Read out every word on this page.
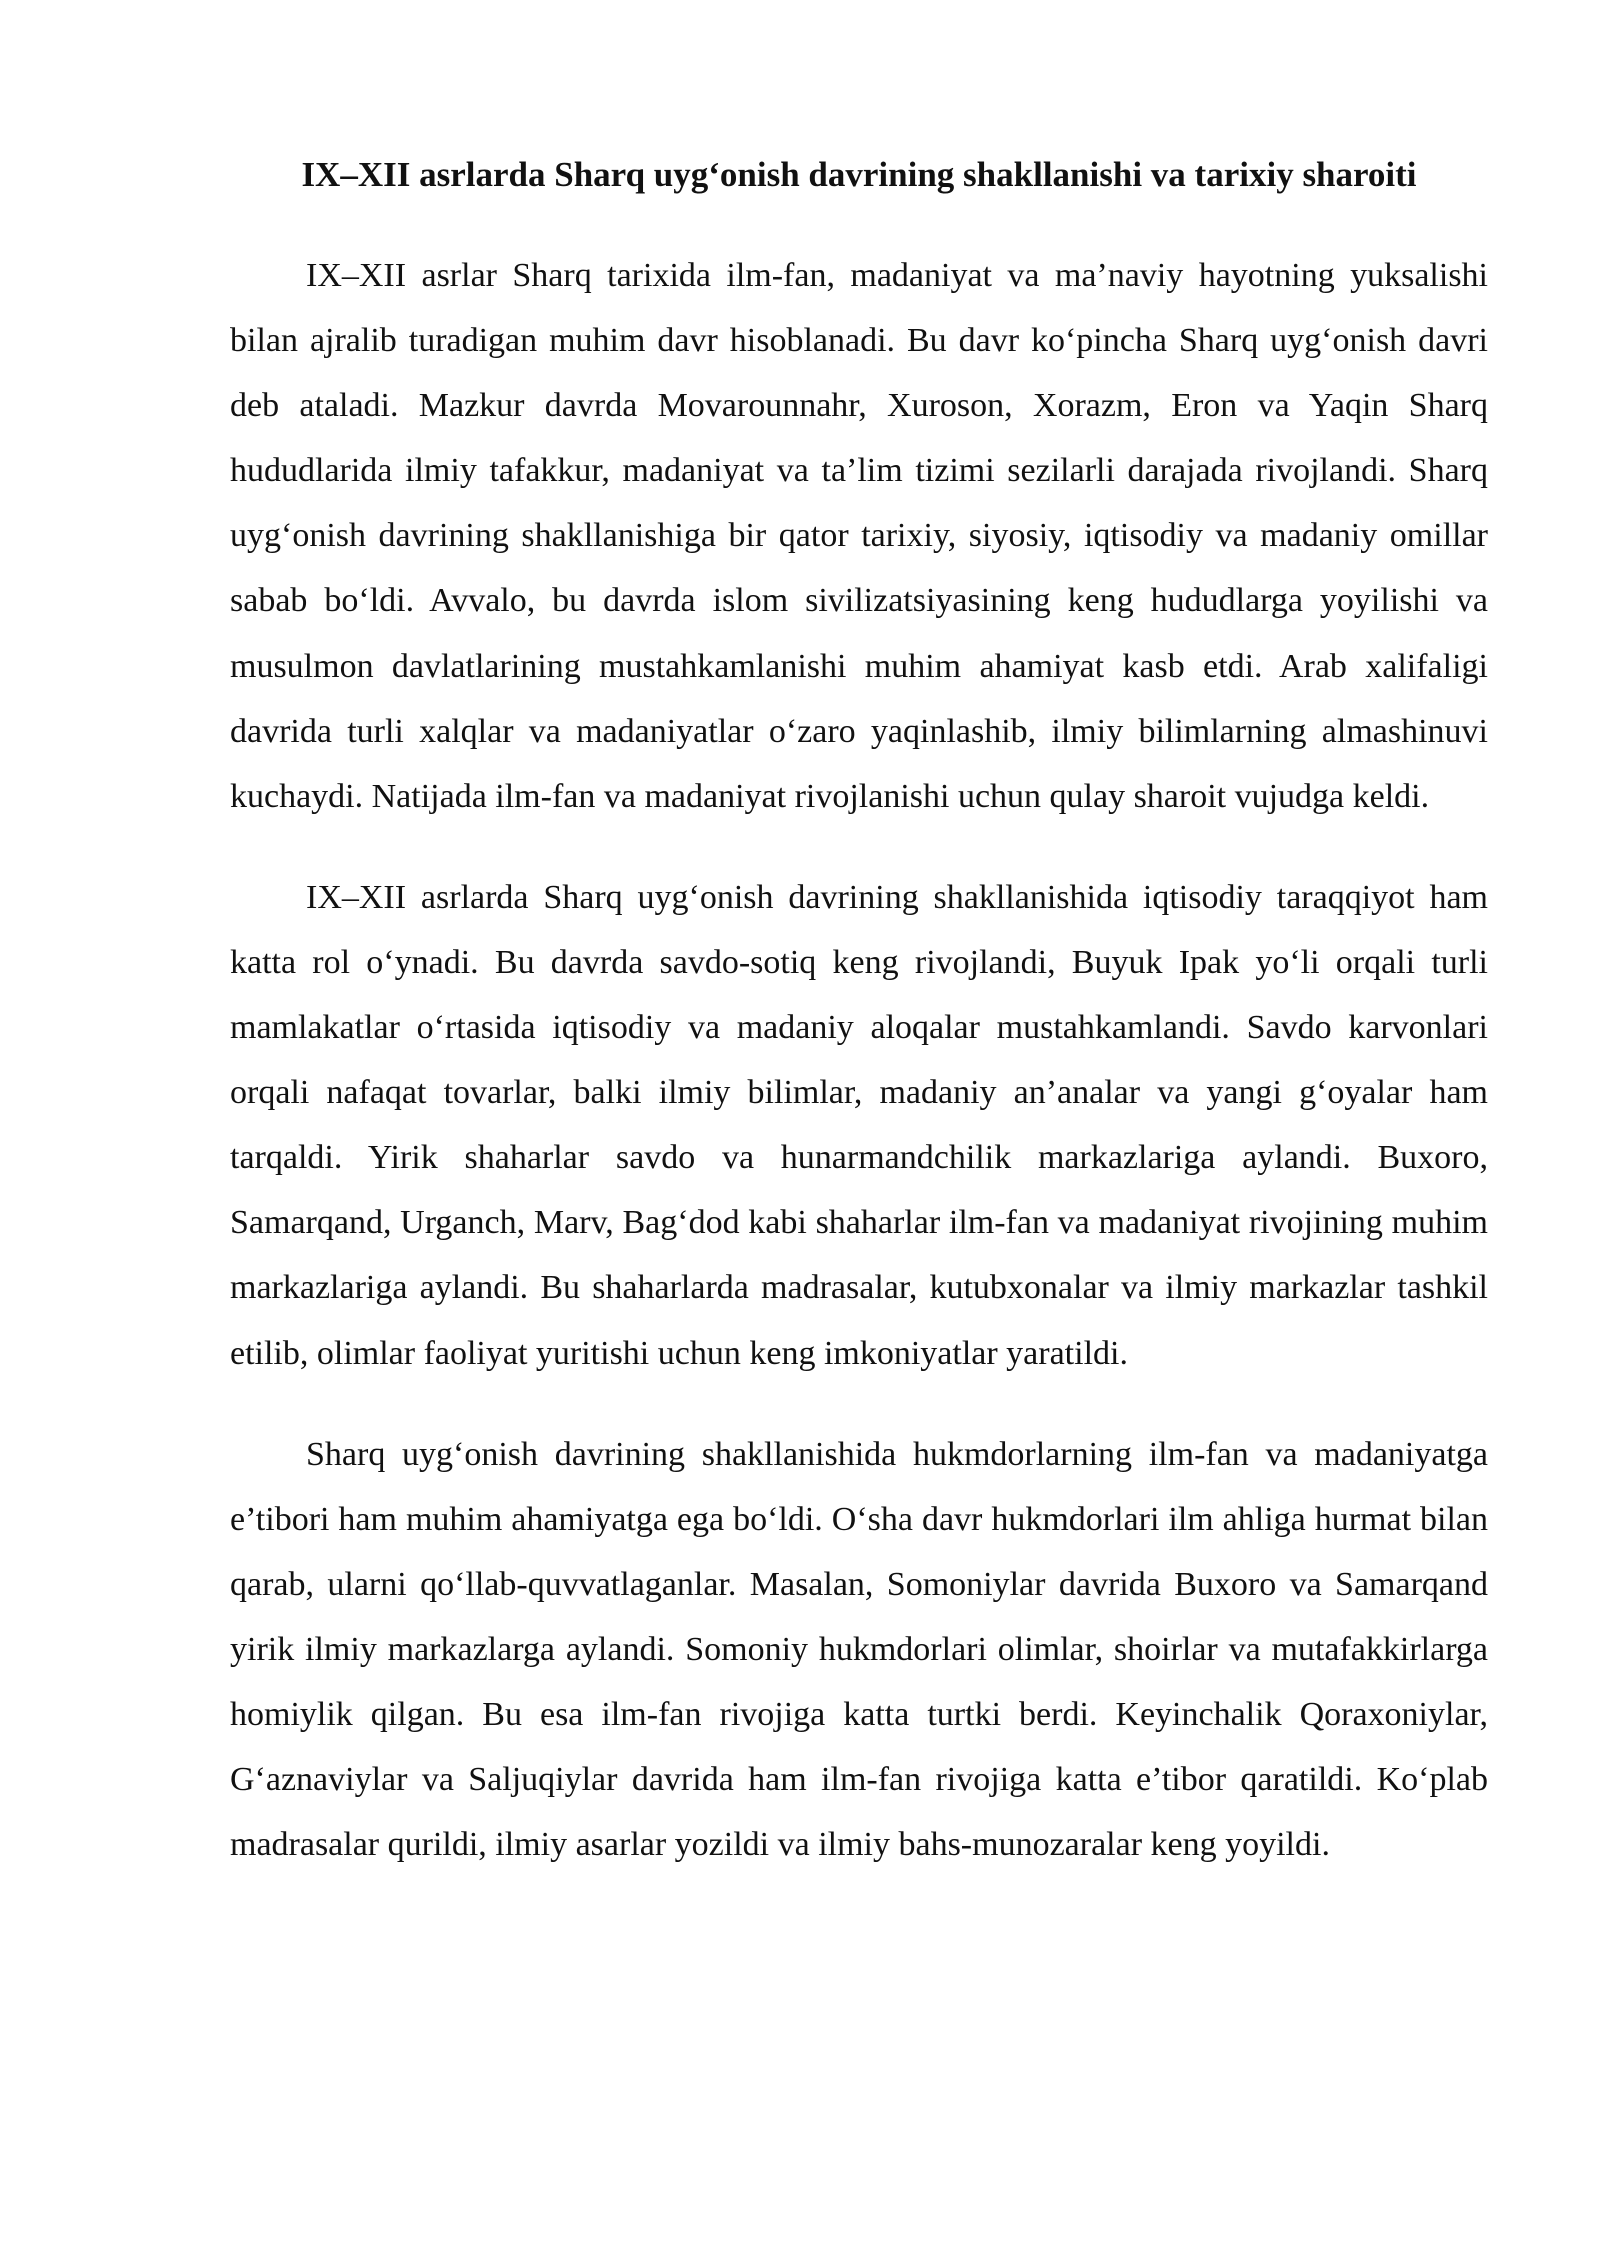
IX–XII asrlarda Sharq uyg‘onish davrining shakllanishi va tarixiy sharoiti

IX–XII asrlar Sharq tarixida ilm-fan, madaniyat va ma’naviy hayotning yuksalishi bilan ajralib turadigan muhim davr hisoblanadi. Bu davr ko‘pincha Sharq uyg‘onish davri deb ataladi. Mazkur davrda Movarounnahr, Xuroson, Xorazm, Eron va Yaqin Sharq hududlarida ilmiy tafakkur, madaniyat va ta’lim tizimi sezilarli darajada rivojlandi. Sharq uyg‘onish davrining shakllanishiga bir qator tarixiy, siyosiy, iqtisodiy va madaniy omillar sabab bo‘ldi. Avvalo, bu davrda islom sivilizatsiyasining keng hududlarga yoyilishi va musulmon davlatlarining mustahkamlanishi muhim ahamiyat kasb etdi. Arab xalifaligi davrida turli xalqlar va madaniyatlar o‘zaro yaqinlashib, ilmiy bilimlarning almashinuvi kuchaydi. Natijada ilm-fan va madaniyat rivojlanishi uchun qulay sharoit vujudga keldi.

IX–XII asrlarda Sharq uyg‘onish davrining shakllanishida iqtisodiy taraqqiyot ham katta rol o‘ynadi. Bu davrda savdo-sotiq keng rivojlandi, Buyuk Ipak yo‘li orqali turli mamlakatlar o‘rtasida iqtisodiy va madaniy aloqalar mustahkamlandi. Savdo karvonlari orqali nafaqat tovarlar, balki ilmiy bilimlar, madaniy an’analar va yangi g‘oyalar ham tarqaldi. Yirik shaharlar savdo va hunarmandchilik markazlariga aylandi. Buxoro, Samarqand, Urganch, Marv, Bag‘dod kabi shaharlar ilm-fan va madaniyat rivojining muhim markazlariga aylandi. Bu shaharlarda madrasalar, kutubxonalar va ilmiy markazlar tashkil etilib, olimlar faoliyat yuritishi uchun keng imkoniyatlar yaratildi.

Sharq uyg‘onish davrining shakllanishida hukmdorlarning ilm-fan va madaniyatga e’tibori ham muhim ahamiyatga ega bo‘ldi. O‘sha davr hukmdorlari ilm ahliga hurmat bilan qarab, ularni qo‘llab-quvvatlaganlar. Masalan, Somoniylar davrida Buxoro va Samarqand yirik ilmiy markazlarga aylandi. Somoniy hukmdorlari olimlar, shoirlar va mutafakkirlarga homiylik qilgan. Bu esa ilm-fan rivojiga katta turtki berdi. Keyinchalik Qoraxoniylar, G‘aznaviylar va Saljuqiylar davrida ham ilm-fan rivojiga katta e’tibor qaratildi. Ko‘plab madrasalar qurildi, ilmiy asarlar yozildi va ilmiy bahs-munozaralar keng yoyildi.
